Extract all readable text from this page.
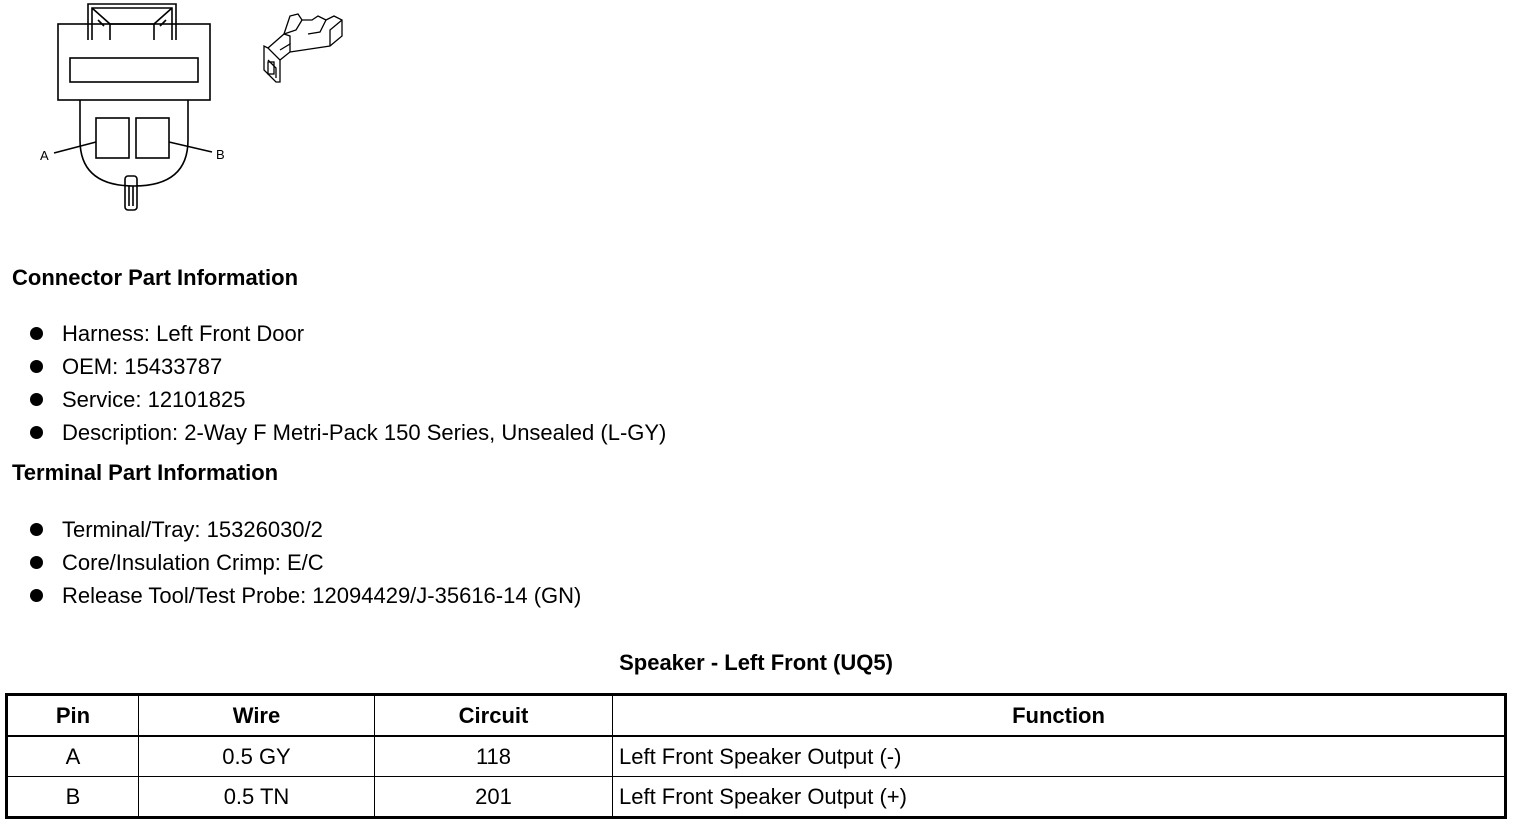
A	B
Connector Part Information
Harness: Left Front Door
OEM: 15433787
Service: 12101825
Description: 2-Way F Metri-Pack 150 Series, Unsealed (L-GY)
Terminal Part Information
Terminal/Tray: 15326030/2
Core/Insulation Crimp: E/C
Release Tool/Test Probe: 12094429/J-35616-14 (GN)
Speaker - Left Front (UQ5)
Pin	Wire	Circuit	Function
A	0.5 GY	118	Left Front Speaker Output (-)
B	0.5 TN	201	Left Front Speaker Output (+)
